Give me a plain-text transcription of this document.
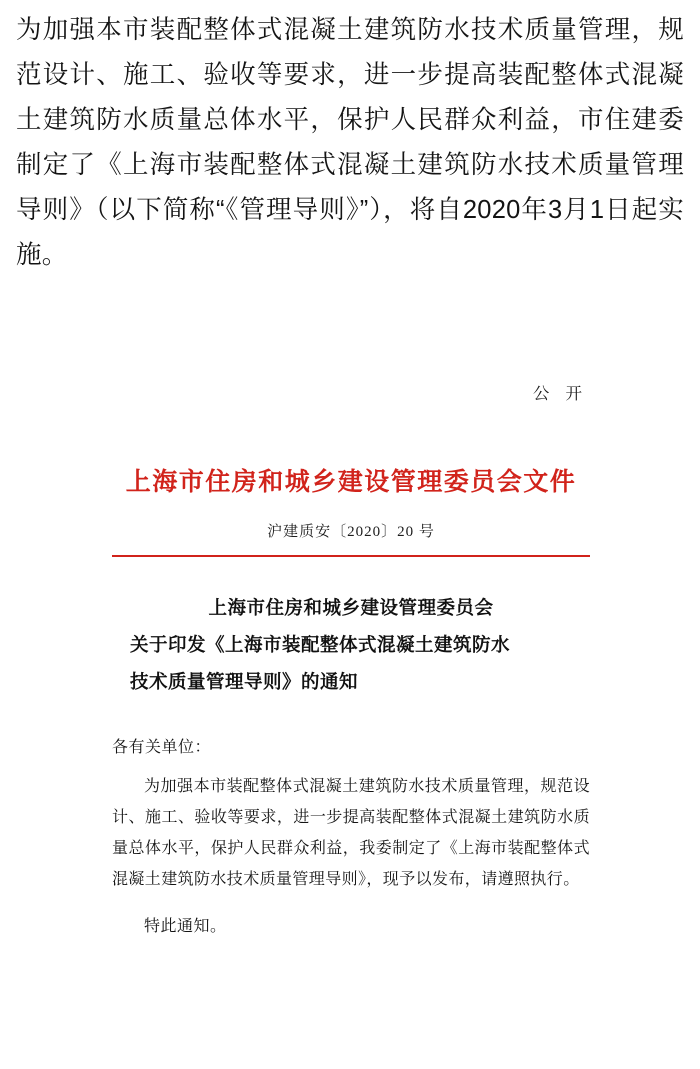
为加强本市装配整体式混凝土建筑防水技术质量管理，规范设计、施工、验收等要求，进一步提高装配整体式混凝土建筑防水质量总体水平，保护人民群众利益，市住建委制定了《上海市装配整体式混凝土建筑防水技术质量管理导则》（以下简称“《管理导则》”），将自2020年3月1日起实施。
公 开
上海市住房和城乡建设管理委员会文件
沪建质安〔2020〕20 号
上海市住房和城乡建设管理委员会
关于印发《上海市装配整体式混凝土建筑防水
技术质量管理导则》的通知
各有关单位：

为加强本市装配整体式混凝土建筑防水技术质量管理，规范设计、施工、验收等要求，进一步提高装配整体式混凝土建筑防水质量总体水平，保护人民群众利益，我委制定了《上海市装配整体式混凝土建筑防水技术质量管理导则》，现予以发布，请遵照执行。

特此通知。
